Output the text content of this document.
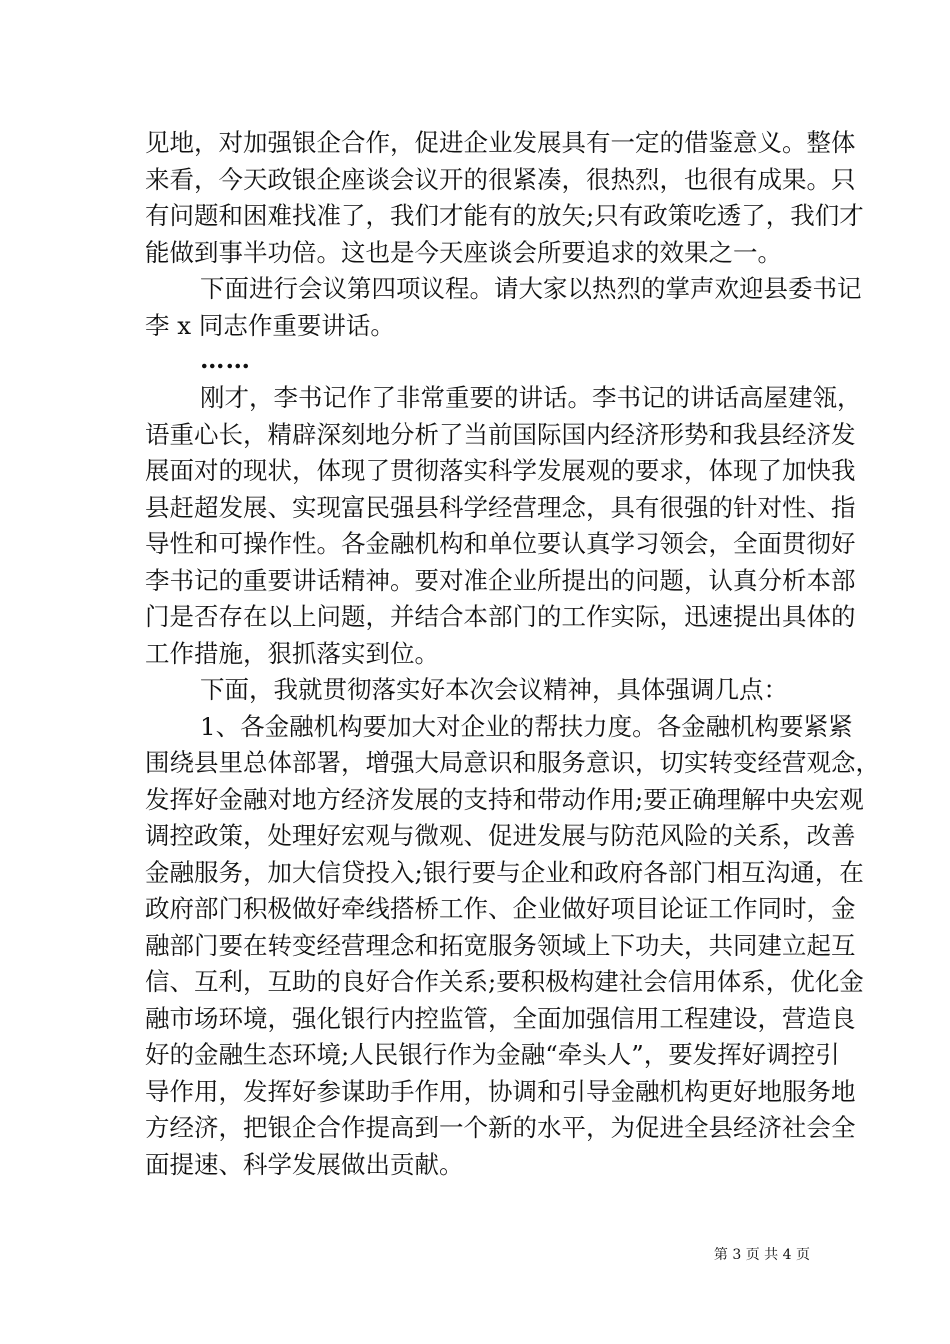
见地，对加强银企合作，促进企业发展具有一定的借鉴意义。整体
来看，今天政银企座谈会议开的很紧凑，很热烈，也很有成果。只
有问题和困难找准了，我们才能有的放矢;只有政策吃透了，我们才
能做到事半功倍。这也是今天座谈会所要追求的效果之一。
下面进行会议第四项议程。请大家以热烈的掌声欢迎县委书记
李 x 同志作重要讲话。
……
刚才，李书记作了非常重要的讲话。李书记的讲话高屋建瓴，
语重心长，精辟深刻地分析了当前国际国内经济形势和我县经济发
展面对的现状，体现了贯彻落实科学发展观的要求，体现了加快我
县赶超发展、实现富民强县科学经营理念，具有很强的针对性、指
导性和可操作性。各金融机构和单位要认真学习领会，全面贯彻好
李书记的重要讲话精神。要对准企业所提出的问题，认真分析本部
门是否存在以上问题，并结合本部门的工作实际，迅速提出具体的
工作措施，狠抓落实到位。
下面，我就贯彻落实好本次会议精神，具体强调几点：
1、各金融机构要加大对企业的帮扶力度。各金融机构要紧紧
围绕县里总体部署，增强大局意识和服务意识，切实转变经营观念，
发挥好金融对地方经济发展的支持和带动作用;要正确理解中央宏观
调控政策，处理好宏观与微观、促进发展与防范风险的关系，改善
金融服务，加大信贷投入;银行要与企业和政府各部门相互沟通，在
政府部门积极做好牵线搭桥工作、企业做好项目论证工作同时，金
融部门要在转变经营理念和拓宽服务领域上下功夫，共同建立起互
信、互利，互助的良好合作关系;要积极构建社会信用体系，优化金
融市场环境，强化银行内控监管，全面加强信用工程建设，营造良
好的金融生态环境;人民银行作为金融“牵头人”，要发挥好调控引
导作用，发挥好参谋助手作用，协调和引导金融机构更好地服务地
方经济，把银企合作提高到一个新的水平，为促进全县经济社会全
面提速、科学发展做出贡献。
第 3 页 共 4 页
